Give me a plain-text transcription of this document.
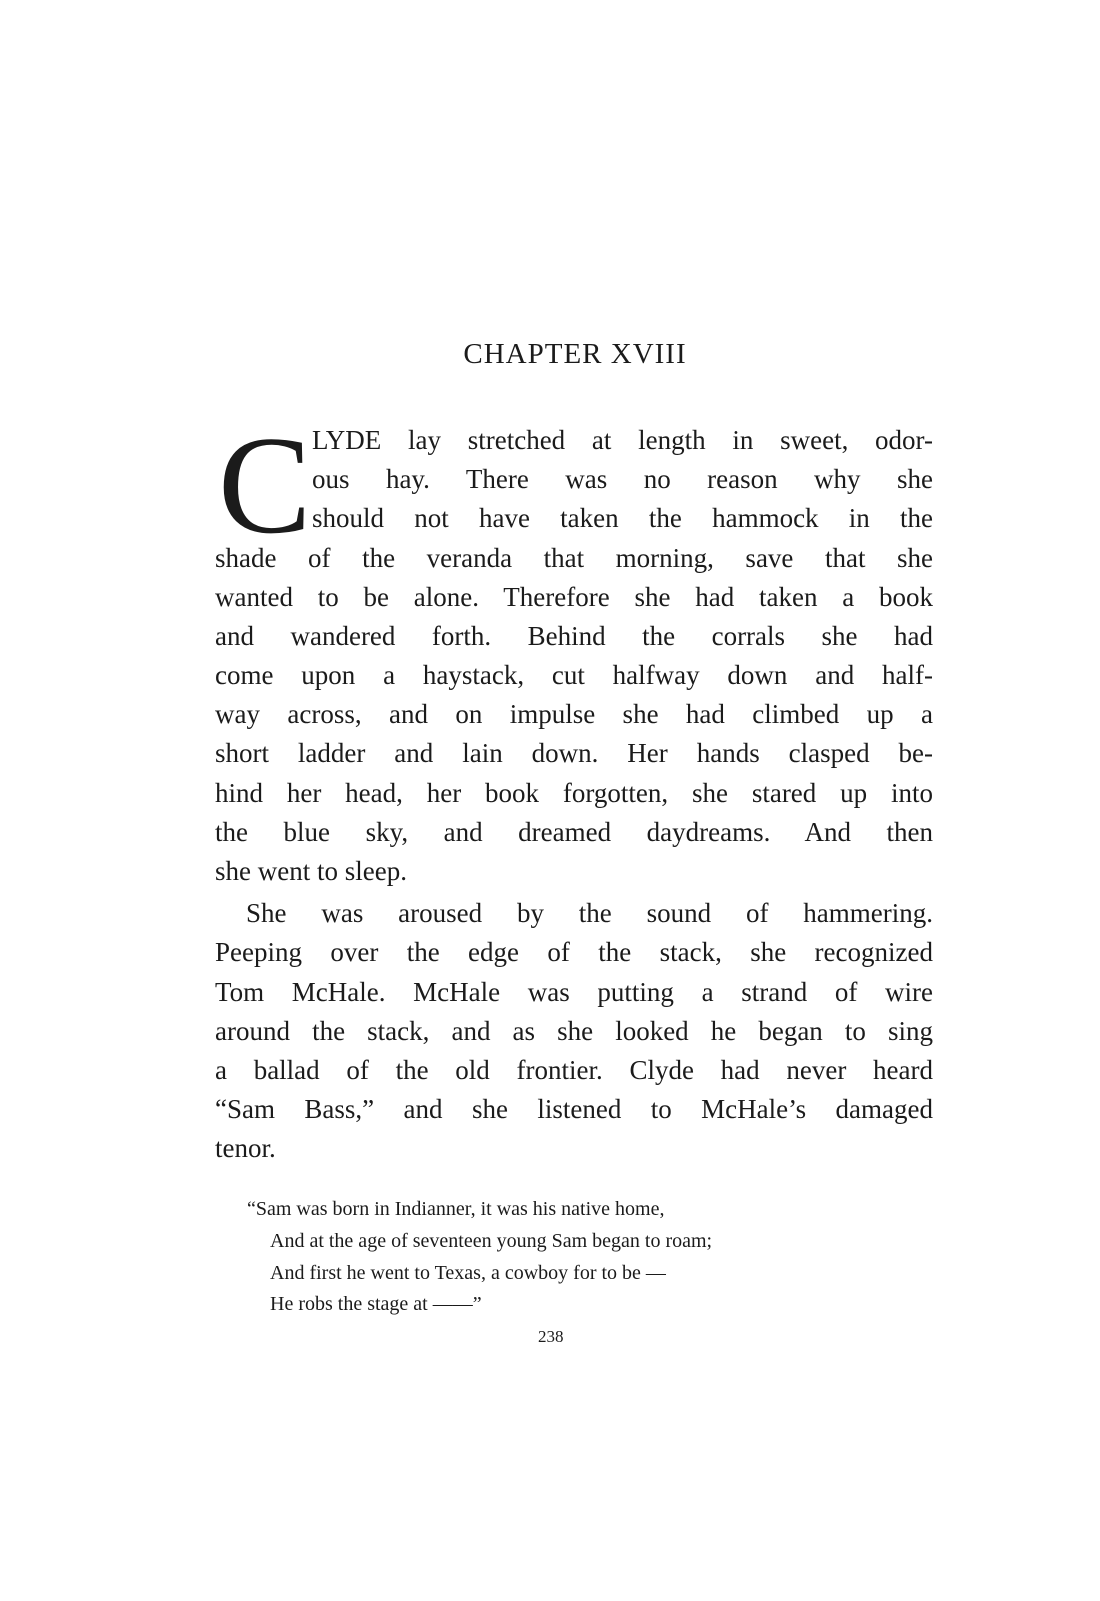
CHAPTER XVIII
C LYDE lay stretched at length in sweet, odor-
ous hay. There was no reason why she
should not have taken the hammock in the
shade of the veranda that morning, save that she
wanted to be alone. Therefore she had taken a book
and wandered forth. Behind the corrals she had
come upon a haystack, cut halfway down and half-
way across, and on impulse she had climbed up a
short ladder and lain down. Her hands clasped be-
hind her head, her book forgotten, she stared up into
the blue sky, and dreamed daydreams. And then
she went to sleep.
She was aroused by the sound of hammering.
Peeping over the edge of the stack, she recognized
Tom McHale. McHale was putting a strand of wire
around the stack, and as she looked he began to sing
a ballad of the old frontier. Clyde had never heard
“Sam Bass,” and she listened to McHale’s damaged
tenor.
“Sam was born in Indianner, it was his native home,
And at the age of seventeen young Sam began to roam;
And first he went to Texas, a cowboy for to be —
He robs the stage at ——”
238
